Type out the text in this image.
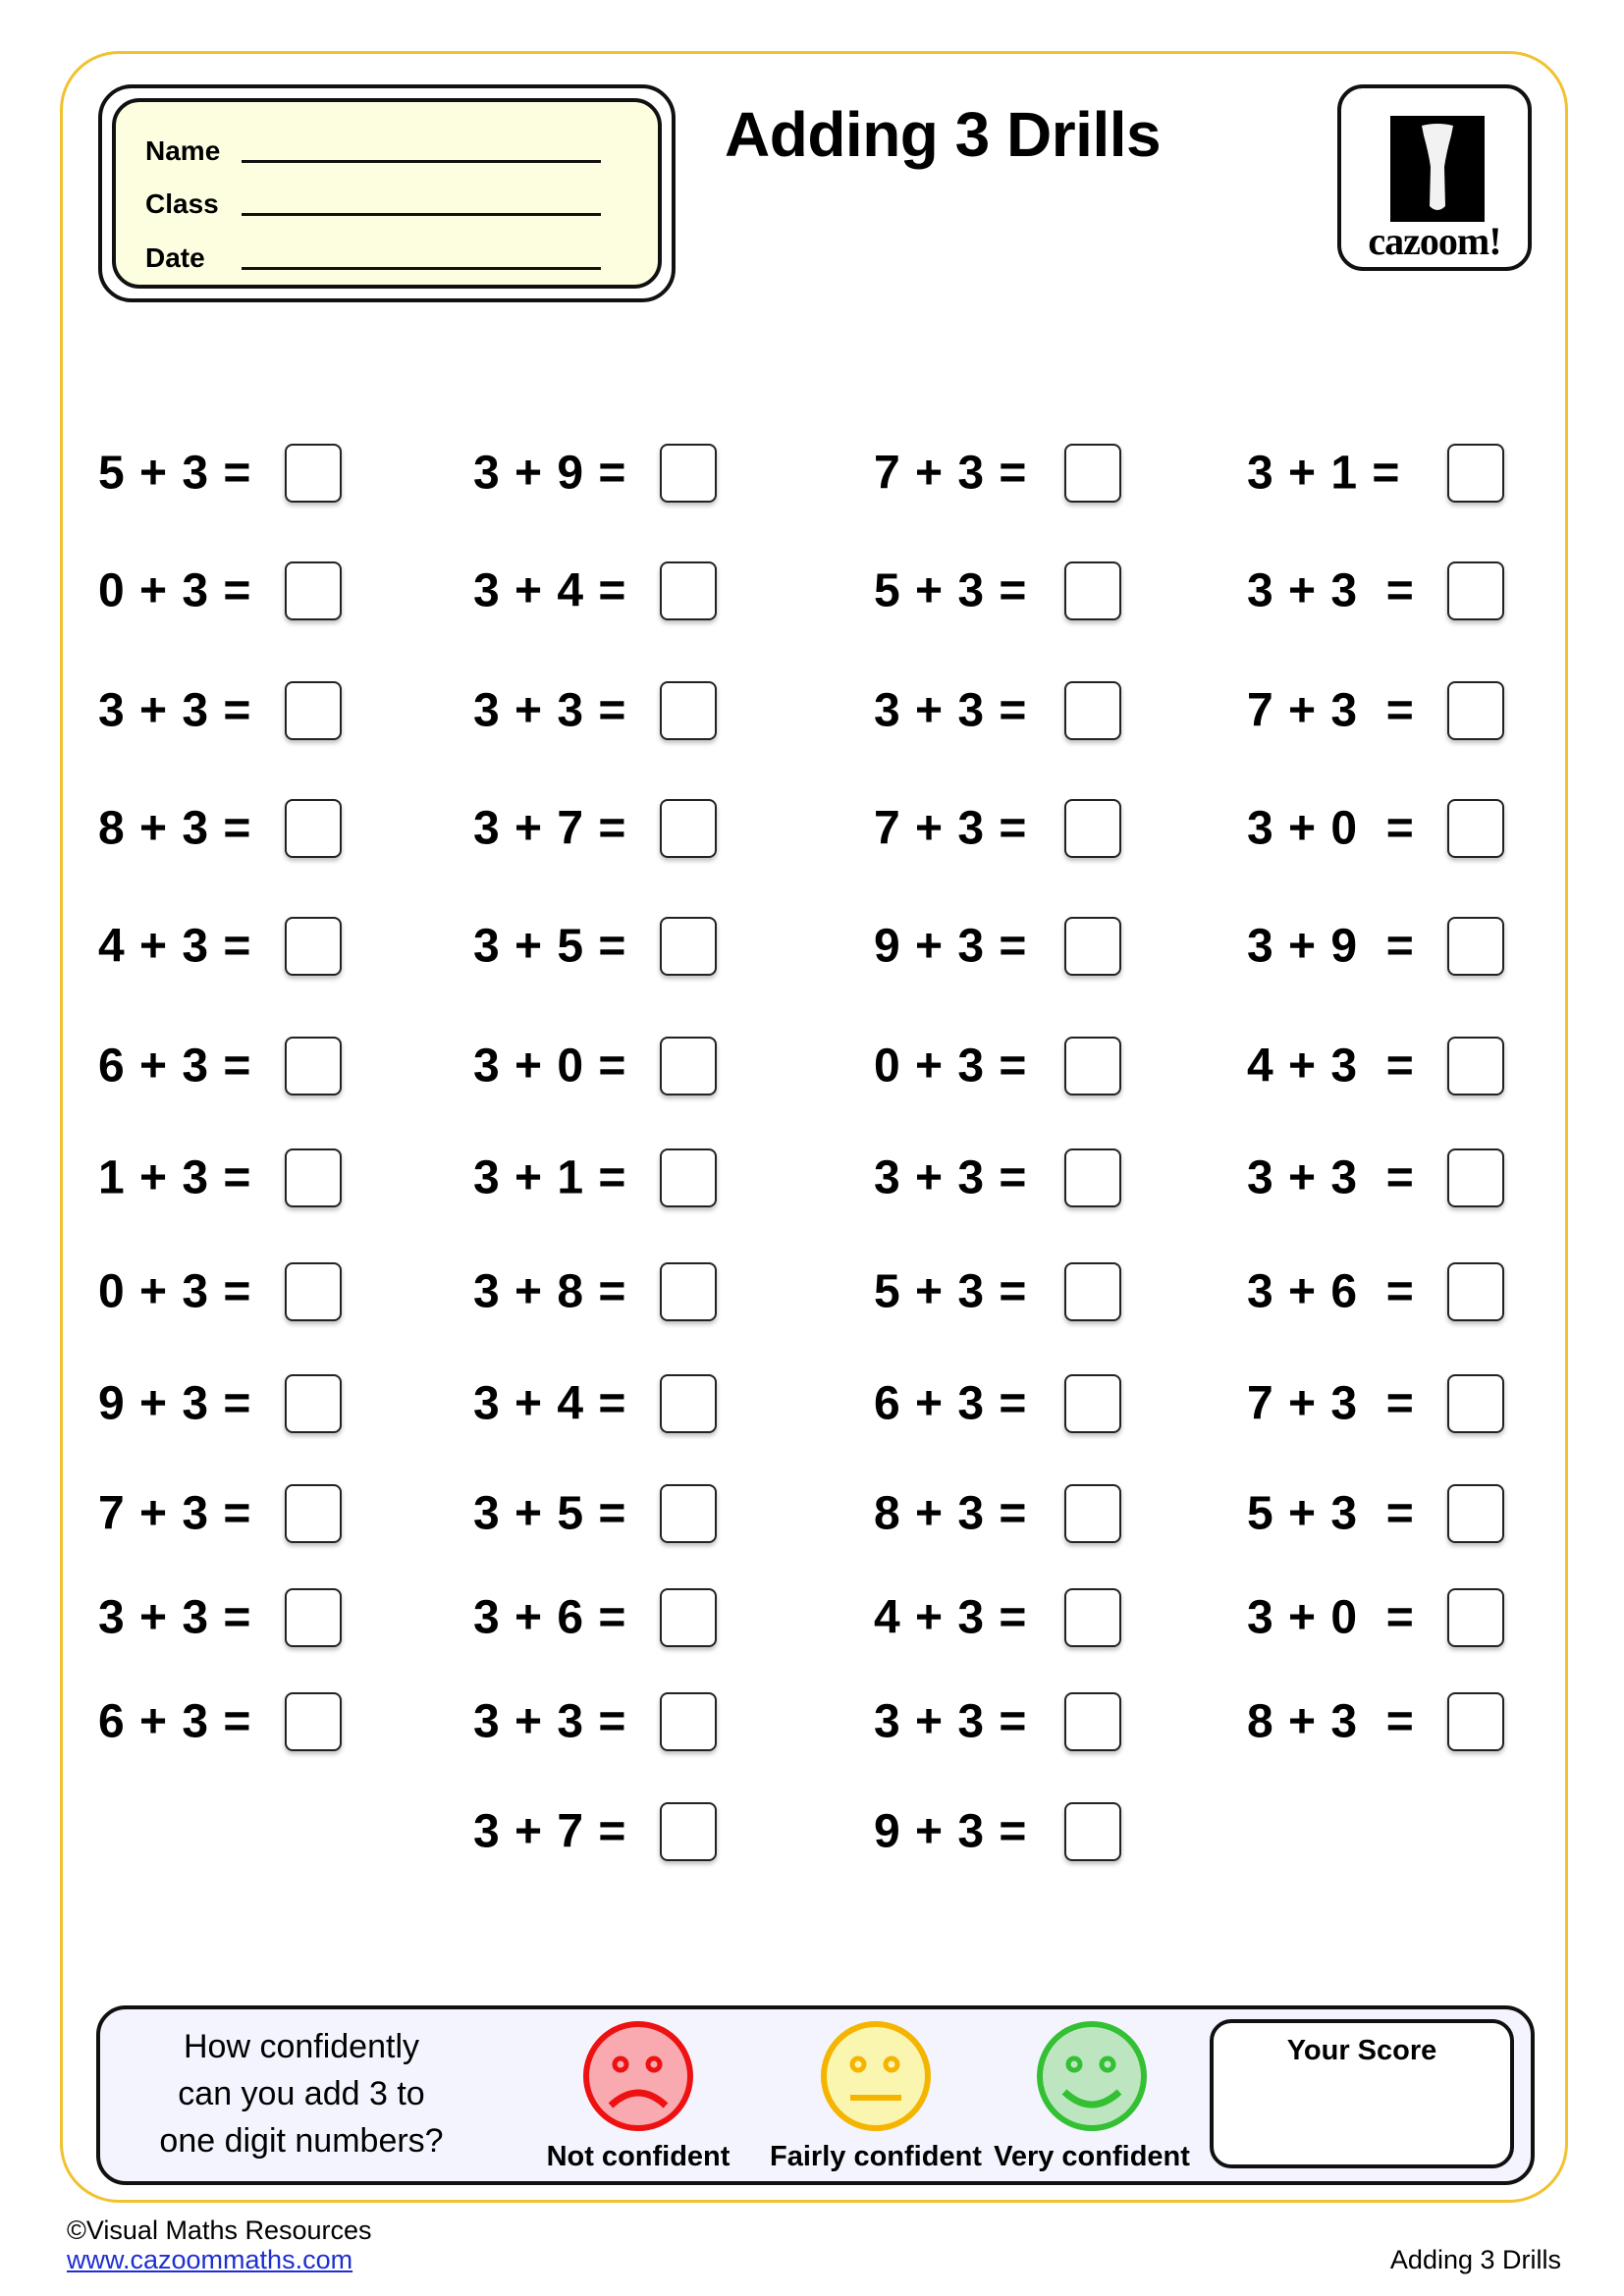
Name
Class
Date
Adding 3 Drills
cazoom!
5 + 3 =
0 + 3 =
3 + 3 =
8 + 3 =
4 + 3 =
6 + 3 =
1 + 3 =
0 + 3 =
9 + 3 =
7 + 3 =
3 + 3 =
6 + 3 =
3 + 9 =
3 + 4 =
3 + 3 =
3 + 7 =
3 + 5 =
3 + 0 =
3 + 1 =
3 + 8 =
3 + 4 =
3 + 5 =
3 + 6 =
3 + 3 =
3 + 7 =
7 + 3 =
5 + 3 =
3 + 3 =
7 + 3 =
9 + 3 =
0 + 3 =
3 + 3 =
5 + 3 =
6 + 3 =
8 + 3 =
4 + 3 =
3 + 3 =
9 + 3 =
3 + 1 =
3 + 3  =
7 + 3  =
3 + 0  =
3 + 9  =
4 + 3  =
3 + 3  =
3 + 6  =
7 + 3  =
5 + 3  =
3 + 0  =
8 + 3  =
How confidently
can you add 3 to
one digit numbers?	Not confident Fairly confident Very confident
Your Score
©Visual Maths Resources
www.cazoommaths.com	Adding 3 Drills
